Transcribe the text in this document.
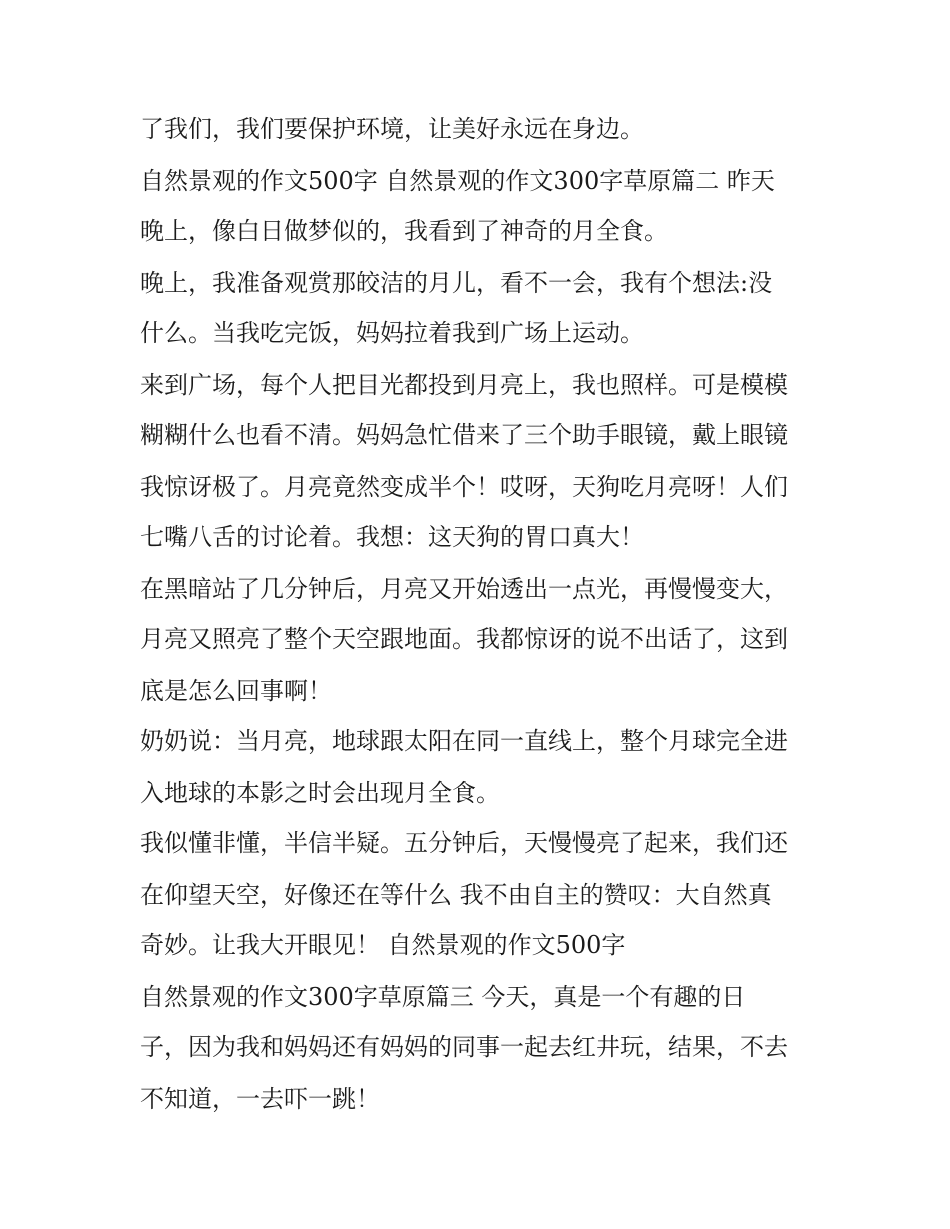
了我们，我们要保护环境，让美好永远在身边。
自然景观的作文500字 自然景观的作文300字草原篇二 昨天
晚上，像白日做梦似的，我看到了神奇的月全食。
晚上，我准备观赏那皎洁的月儿，看不一会，我有个想法:没
什么。当我吃完饭，妈妈拉着我到广场上运动。
来到广场，每个人把目光都投到月亮上，我也照样。可是模模
糊糊什么也看不清。妈妈急忙借来了三个助手眼镜，戴上眼镜
我惊讶极了。月亮竟然变成半个！哎呀，天狗吃月亮呀！人们
七嘴八舌的讨论着。我想：这天狗的胃口真大！
在黑暗站了几分钟后，月亮又开始透出一点光，再慢慢变大，
月亮又照亮了整个天空跟地面。我都惊讶的说不出话了，这到
底是怎么回事啊！
奶奶说：当月亮，地球跟太阳在同一直线上，整个月球完全进
入地球的本影之时会出现月全食。
我似懂非懂，半信半疑。五分钟后，天慢慢亮了起来，我们还
在仰望天空，好像还在等什么 我不由自主的赞叹：大自然真
奇妙。让我大开眼见！ 自然景观的作文500字
自然景观的作文300字草原篇三 今天，真是一个有趣的日
子，因为我和妈妈还有妈妈的同事一起去红井玩，结果，不去
不知道，一去吓一跳！
